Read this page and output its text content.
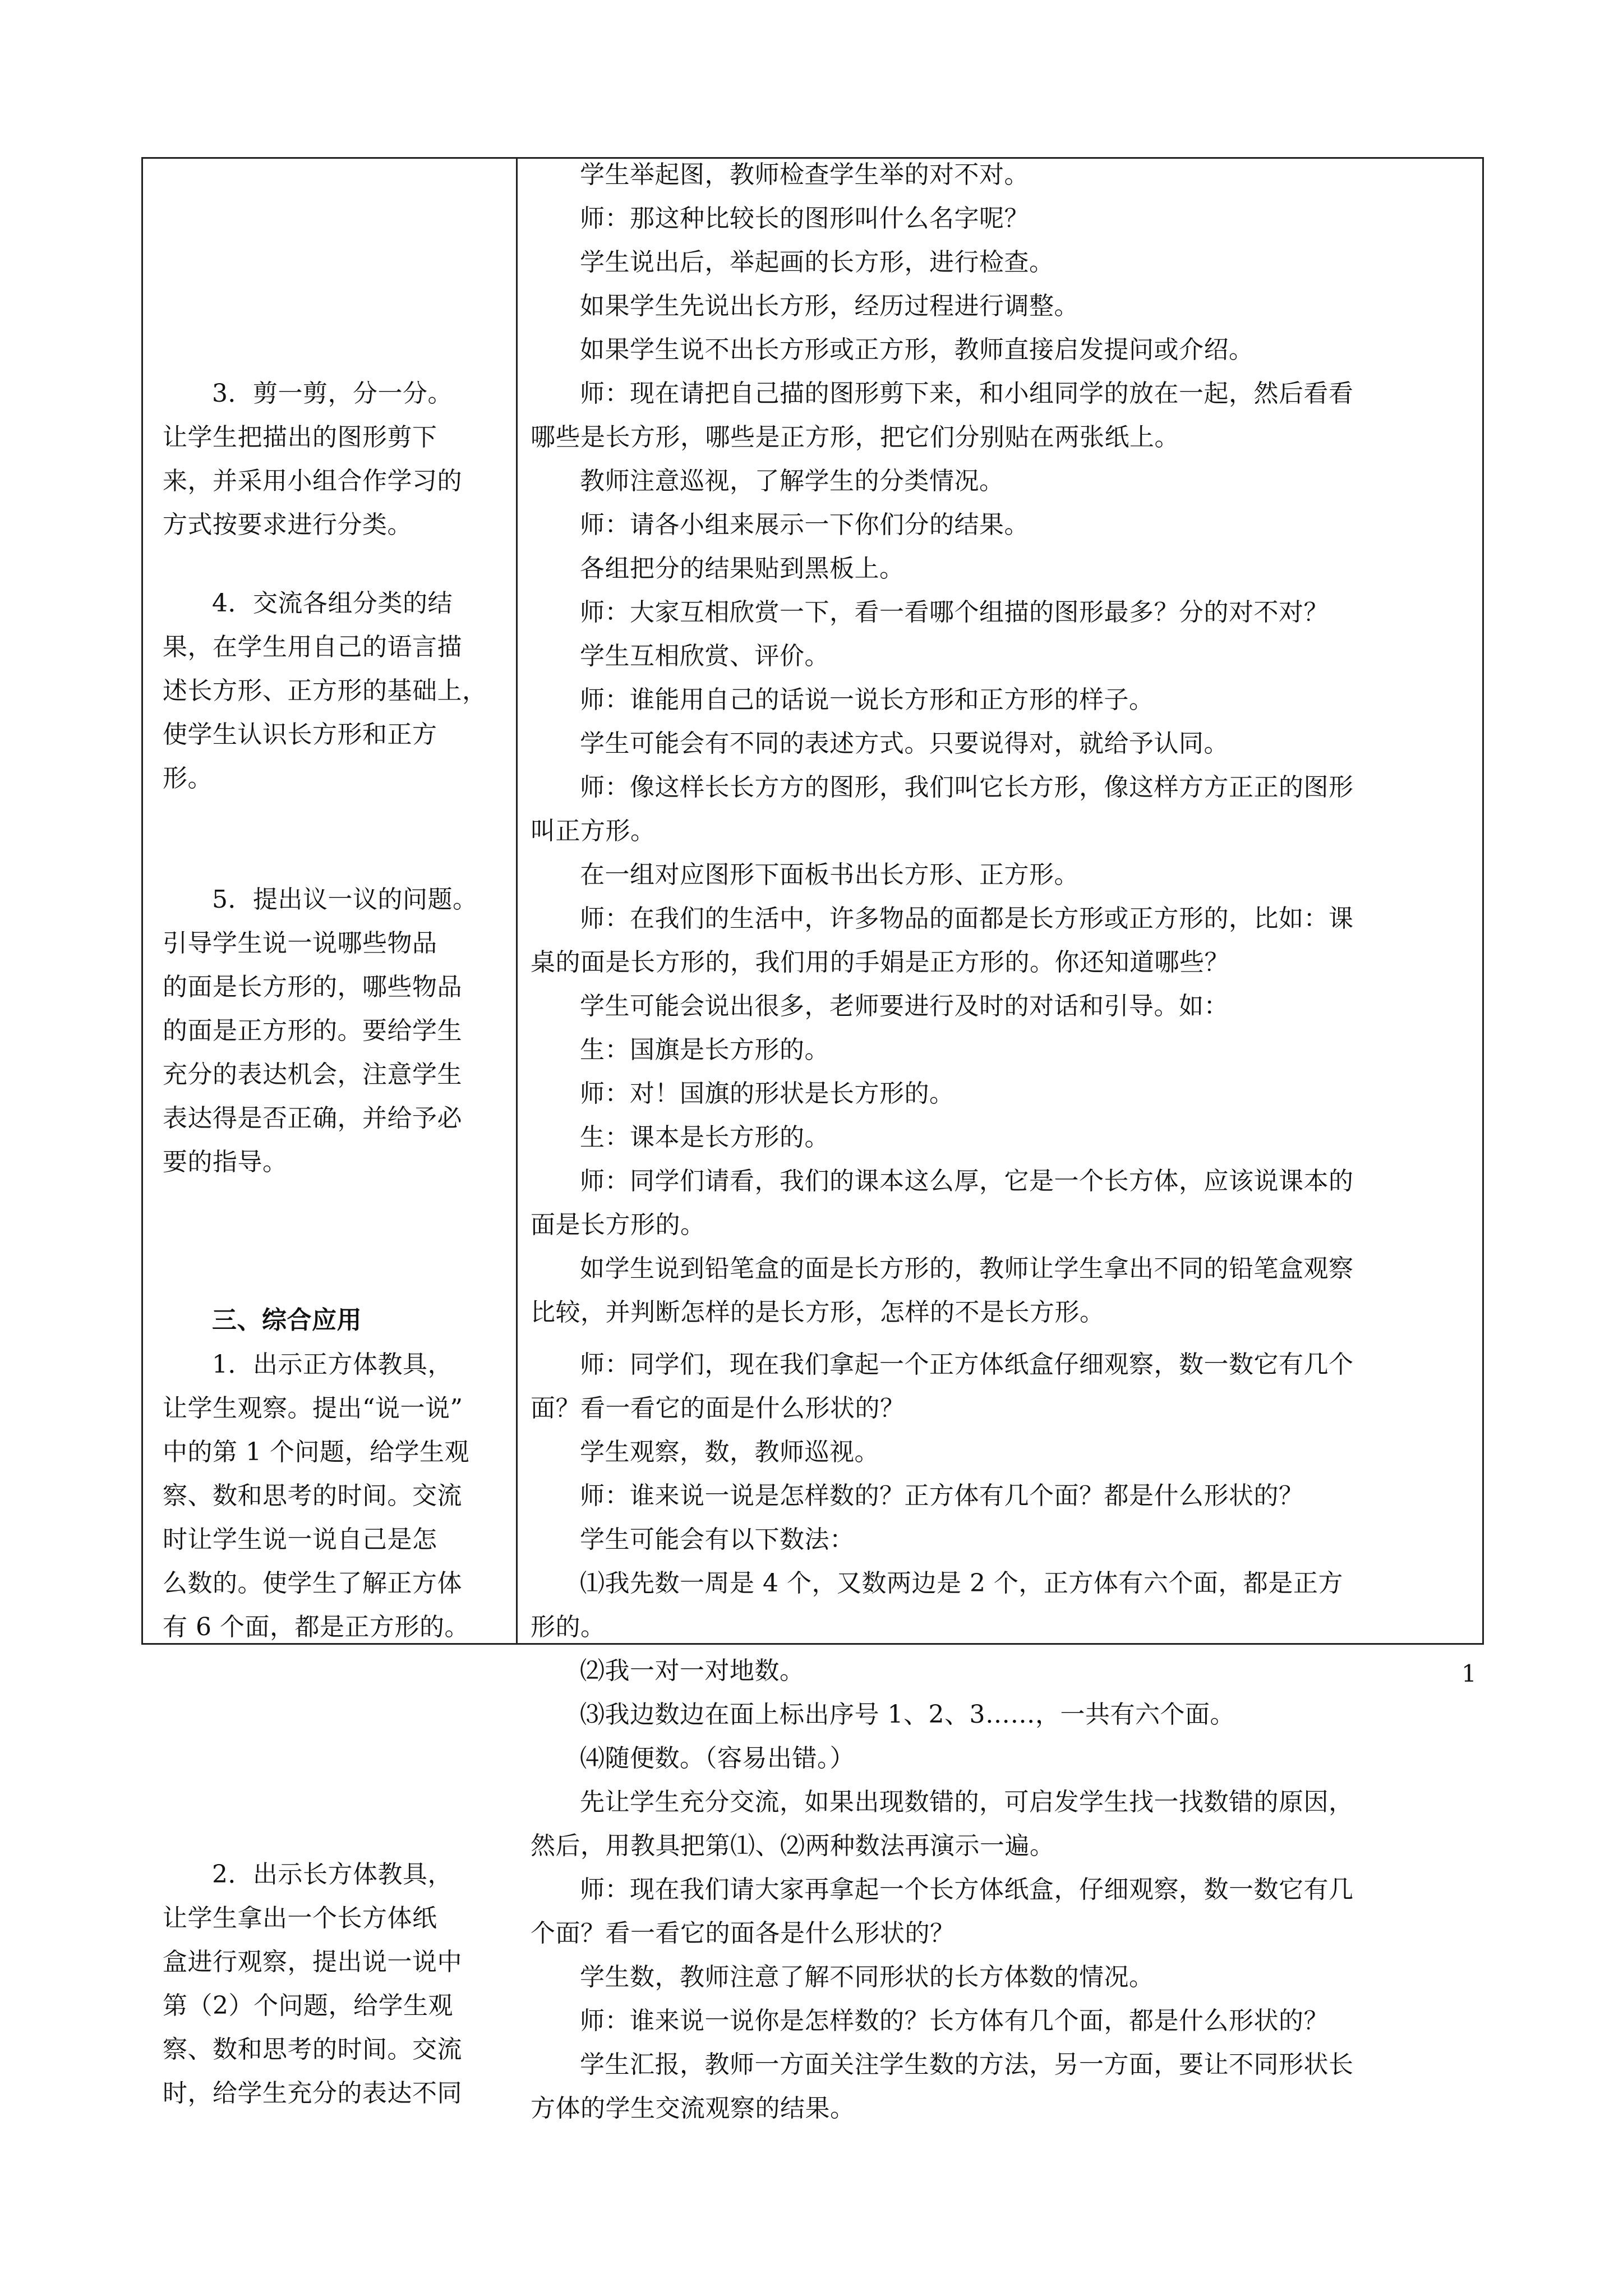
3．剪一剪，分一分。
让学生把描出的图形剪下
来，并采用小组合作学习的
方式按要求进行分类。
4．交流各组分类的结
果，在学生用自己的语言描
述长方形、正方形的基础上，
使学生认识长方形和正方
形。
5．提出议一议的问题。
引导学生说一说哪些物品
的面是长方形的，哪些物品
的面是正方形的。要给学生
充分的表达机会，注意学生
表达得是否正确，并给予必
要的指导。
三、综合应用
1．出示正方体教具，
让学生观察。提出“说一说”
中的第 1 个问题，给学生观
察、数和思考的时间。交流
时让学生说一说自己是怎
么数的。使学生了解正方体
有 6 个面，都是正方形的。
2．出示长方体教具，
让学生拿出一个长方体纸
盒进行观察，提出说一说中
第（2）个问题，给学生观
察、数和思考的时间。交流
时，给学生充分的表达不同
学生举起图，教师检查学生举的对不对。
师：那这种比较长的图形叫什么名字呢？
学生说出后，举起画的长方形，进行检查。
如果学生先说出长方形，经历过程进行调整。
如果学生说不出长方形或正方形，教师直接启发提问或介绍。
师：现在请把自己描的图形剪下来，和小组同学的放在一起，然后看看
哪些是长方形，哪些是正方形，把它们分别贴在两张纸上。
教师注意巡视，了解学生的分类情况。
师：请各小组来展示一下你们分的结果。
各组把分的结果贴到黑板上。
师：大家互相欣赏一下，看一看哪个组描的图形最多？分的对不对？
学生互相欣赏、评价。
师：谁能用自己的话说一说长方形和正方形的样子。
学生可能会有不同的表述方式。只要说得对，就给予认同。
师：像这样长长方方的图形，我们叫它长方形，像这样方方正正的图形
叫正方形。
在一组对应图形下面板书出长方形、正方形。
师：在我们的生活中，许多物品的面都是长方形或正方形的，比如：课
桌的面是长方形的，我们用的手娟是正方形的。你还知道哪些？
学生可能会说出很多，老师要进行及时的对话和引导。如：
生：国旗是长方形的。
师：对！国旗的形状是长方形的。
生：课本是长方形的。
师：同学们请看，我们的课本这么厚，它是一个长方体，应该说课本的
面是长方形的。
如学生说到铅笔盒的面是长方形的，教师让学生拿出不同的铅笔盒观察
比较，并判断怎样的是长方形，怎样的不是长方形。
师：同学们，现在我们拿起一个正方体纸盒仔细观察，数一数它有几个
面？看一看它的面是什么形状的？
学生观察，数，教师巡视。
师：谁来说一说是怎样数的？正方体有几个面？都是什么形状的？
学生可能会有以下数法：
⑴我先数一周是 4 个，又数两边是 2 个，正方体有六个面，都是正方
形的。
⑵我一对一对地数。
⑶我边数边在面上标出序号 1、2、3……，一共有六个面。
⑷随便数。（容易出错。）
先让学生充分交流，如果出现数错的，可启发学生找一找数错的原因，
然后，用教具把第⑴、⑵两种数法再演示一遍。
师：现在我们请大家再拿起一个长方体纸盒，仔细观察，数一数它有几
个面？看一看它的面各是什么形状的？
学生数，教师注意了解不同形状的长方体数的情况。
师：谁来说一说你是怎样数的？长方体有几个面，都是什么形状的？
学生汇报，教师一方面关注学生数的方法，另一方面，要让不同形状长
方体的学生交流观察的结果。
1
